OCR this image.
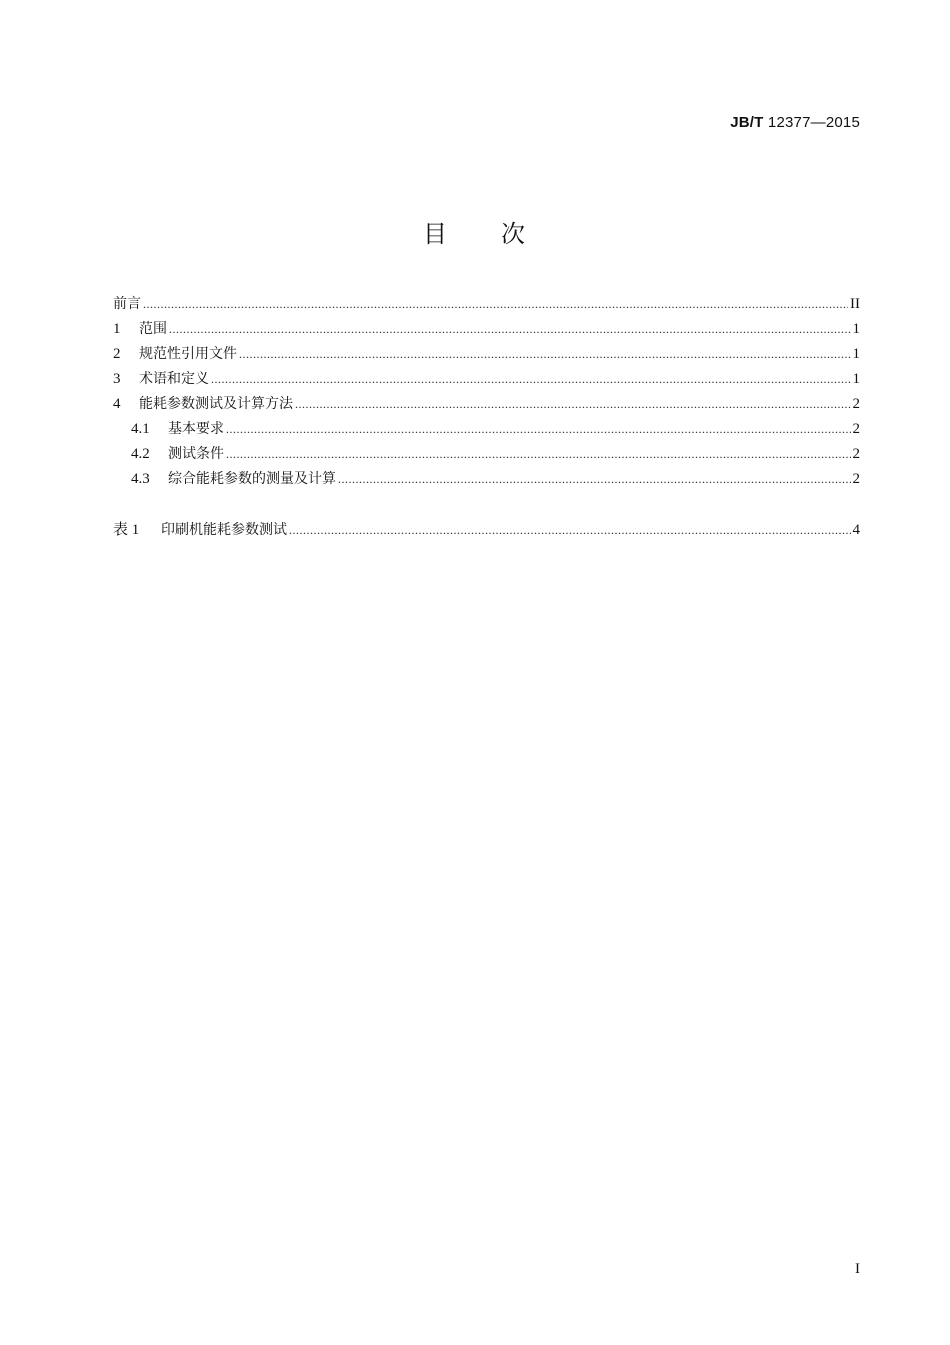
JB/T 12377—2015
目 次
前言 .....	II
1	范围 .....	1
2	规范性引用文件 .....	1
3	术语和定义 .....	1
4	能耗参数测试及计算方法 .....	2
4.1	基本要求 .....	2
4.2	测试条件 .....	2
4.3	综合能耗参数的测量及计算 .....	2
表 1	印刷机能耗参数测试 .....	4
I
